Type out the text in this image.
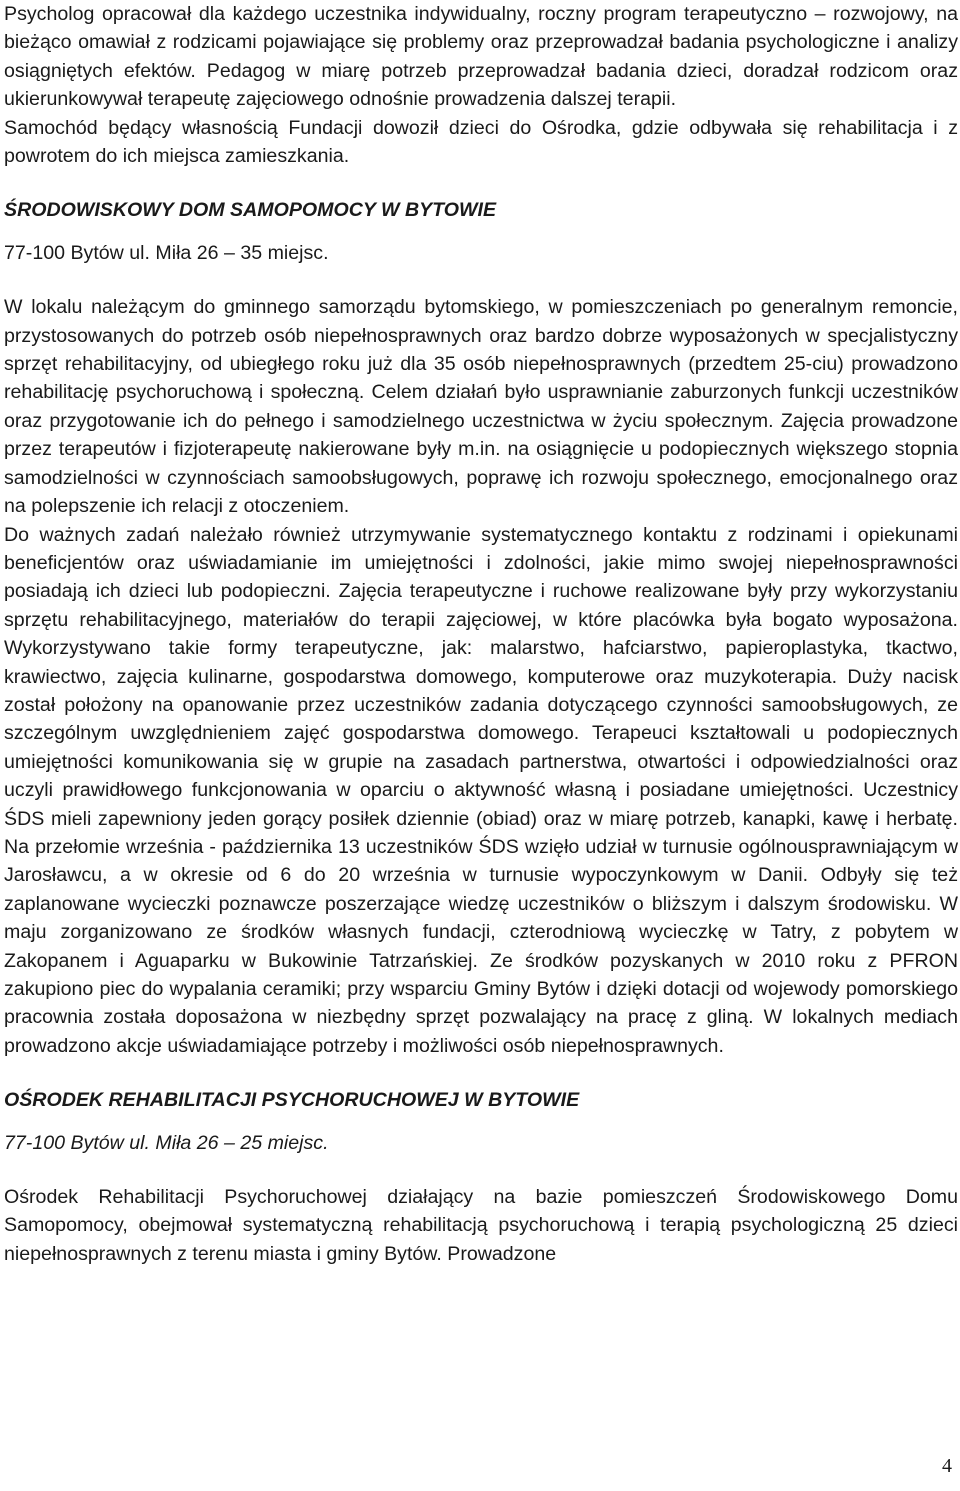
Psycholog opracował dla każdego uczestnika indywidualny, roczny program terapeutyczno – rozwojowy, na bieżąco omawiał z rodzicami pojawiające się problemy oraz przeprowadzał badania psychologiczne i analizy osiągniętych efektów. Pedagog w miarę potrzeb przeprowadzał badania dzieci, doradzał rodzicom oraz ukierunkowywał terapeutę zajęciowego odnośnie prowadzenia dalszej terapii.

Samochód będący własnością Fundacji dowoził dzieci do Ośrodka, gdzie odbywała się rehabilitacja i z powrotem do ich miejsca zamieszkania.

ŚRODOWISKOWY DOM SAMOPOMOCY W BYTOWIE

77-100 Bytów ul. Miła 26 – 35 miejsc.

W lokalu należącym do gminnego samorządu bytomskiego, w pomieszczeniach po generalnym remoncie, przystosowanych do potrzeb osób niepełnosprawnych oraz bardzo dobrze wyposażonych w specjalistyczny sprzęt rehabilitacyjny, od ubiegłego roku już dla 35 osób niepełnosprawnych (przedtem 25-ciu) prowadzono rehabilitację psychoruchową i społeczną. Celem działań było usprawnianie zaburzonych funkcji uczestników oraz przygotowanie ich do pełnego i samodzielnego uczestnictwa w życiu społecznym. Zajęcia prowadzone przez terapeutów i fizjoterapeutę nakierowane były m.in. na osiągnięcie u podopiecznych większego stopnia samodzielności w czynnościach samoobsługowych, poprawę ich rozwoju społecznego, emocjonalnego oraz na polepszenie ich relacji z otoczeniem.

Do ważnych zadań należało również utrzymywanie systematycznego kontaktu z rodzinami i opiekunami beneficjentów oraz uświadamianie im umiejętności i zdolności, jakie mimo swojej niepełnosprawności posiadają ich dzieci lub podopieczni. Zajęcia terapeutyczne i ruchowe realizowane były przy wykorzystaniu sprzętu rehabilitacyjnego, materiałów do terapii zajęciowej, w które placówka była bogato wyposażona. Wykorzystywano takie formy terapeutyczne, jak: malarstwo, hafciarstwo, papieroplastyka, tkactwo, krawiectwo, zajęcia kulinarne, gospodarstwa domowego, komputerowe oraz muzykoterapia. Duży nacisk został położony na opanowanie przez uczestników zadania dotyczącego czynności samoobsługowych, ze szczególnym uwzględnieniem zajęć gospodarstwa domowego. Terapeuci kształtowali u podopiecznych umiejętności komunikowania się w grupie na zasadach partnerstwa, otwartości i odpowiedzialności oraz uczyli prawidłowego funkcjonowania w oparciu o aktywność własną i posiadane umiejętności. Uczestnicy ŚDS mieli zapewniony jeden gorący posiłek dziennie (obiad) oraz w miarę potrzeb, kanapki, kawę i herbatę. Na przełomie września - października 13 uczestników ŚDS wzięło udział w turnusie ogólnousprawniającym w Jarosławcu, a w okresie od 6 do 20 września w turnusie wypoczynkowym w Danii. Odbyły się też zaplanowane wycieczki poznawcze poszerzające wiedzę uczestników o bliższym i dalszym środowisku. W maju zorganizowano ze środków własnych fundacji, czterodniową wycieczkę w Tatry, z pobytem w Zakopanem i Aguaparku w Bukowinie Tatrzańskiej. Ze środków pozyskanych w 2010 roku z PFRON zakupiono piec do wypalania ceramiki; przy wsparciu Gminy Bytów i dzięki dotacji od wojewody pomorskiego pracownia została doposażona w niezbędny sprzęt pozwalający na pracę z gliną. W lokalnych mediach prowadzono akcje uświadamiające potrzeby i możliwości osób niepełnosprawnych.

OŚRODEK REHABILITACJI PSYCHORUCHOWEJ W BYTOWIE

77-100 Bytów ul. Miła 26 – 25 miejsc.

Ośrodek Rehabilitacji Psychoruchowej działający na bazie pomieszczeń Środowiskowego Domu Samopomocy, obejmował systematyczną rehabilitacją psychoruchową i terapią psychologiczną 25 dzieci niepełnosprawnych z terenu miasta i gminy Bytów. Prowadzone

4
